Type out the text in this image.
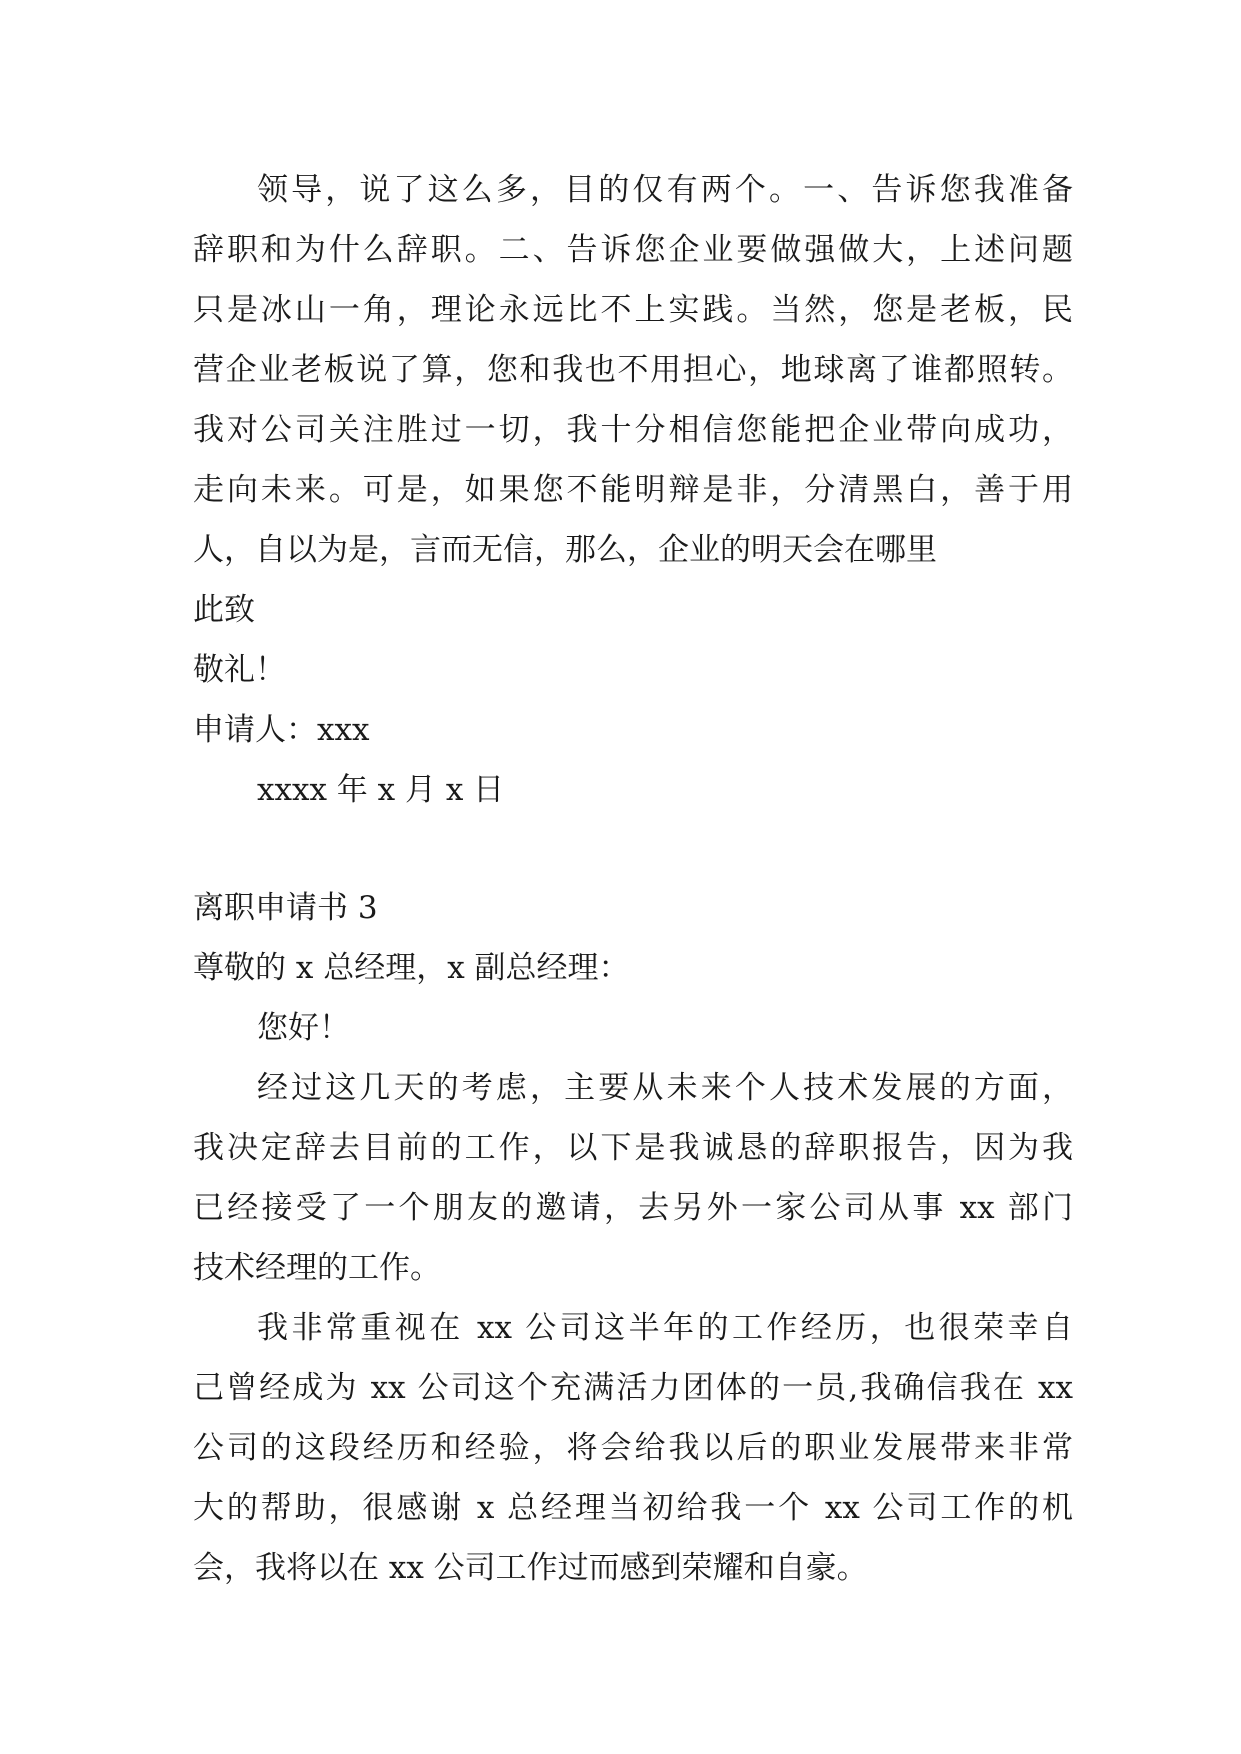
领导，说了这么多，目的仅有两个。一、告诉您我准备
辞职和为什么辞职。二、告诉您企业要做强做大，上述问题
只是冰山一角，理论永远比不上实践。当然，您是老板，民
营企业老板说了算，您和我也不用担心，地球离了谁都照转。
我对公司关注胜过一切，我十分相信您能把企业带向成功，
走向未来。可是，如果您不能明辩是非，分清黑白，善于用
人，自以为是，言而无信，那么，企业的明天会在哪里
此致
敬礼！
申请人：xxx
xxxx 年 x 月 x 日
离职申请书 3
尊敬的 x 总经理，x 副总经理：
您好！
经过这几天的考虑，主要从未来个人技术发展的方面，
我决定辞去目前的工作，以下是我诚恳的辞职报告，因为我
已经接受了一个朋友的邀请，去另外一家公司从事 xx 部门
技术经理的工作。
我非常重视在 xx 公司这半年的工作经历，也很荣幸自
己曾经成为 xx 公司这个充满活力团体的一员,我确信我在 xx
公司的这段经历和经验，将会给我以后的职业发展带来非常
大的帮助，很感谢 x 总经理当初给我一个 xx 公司工作的机
会，我将以在 xx 公司工作过而感到荣耀和自豪。
